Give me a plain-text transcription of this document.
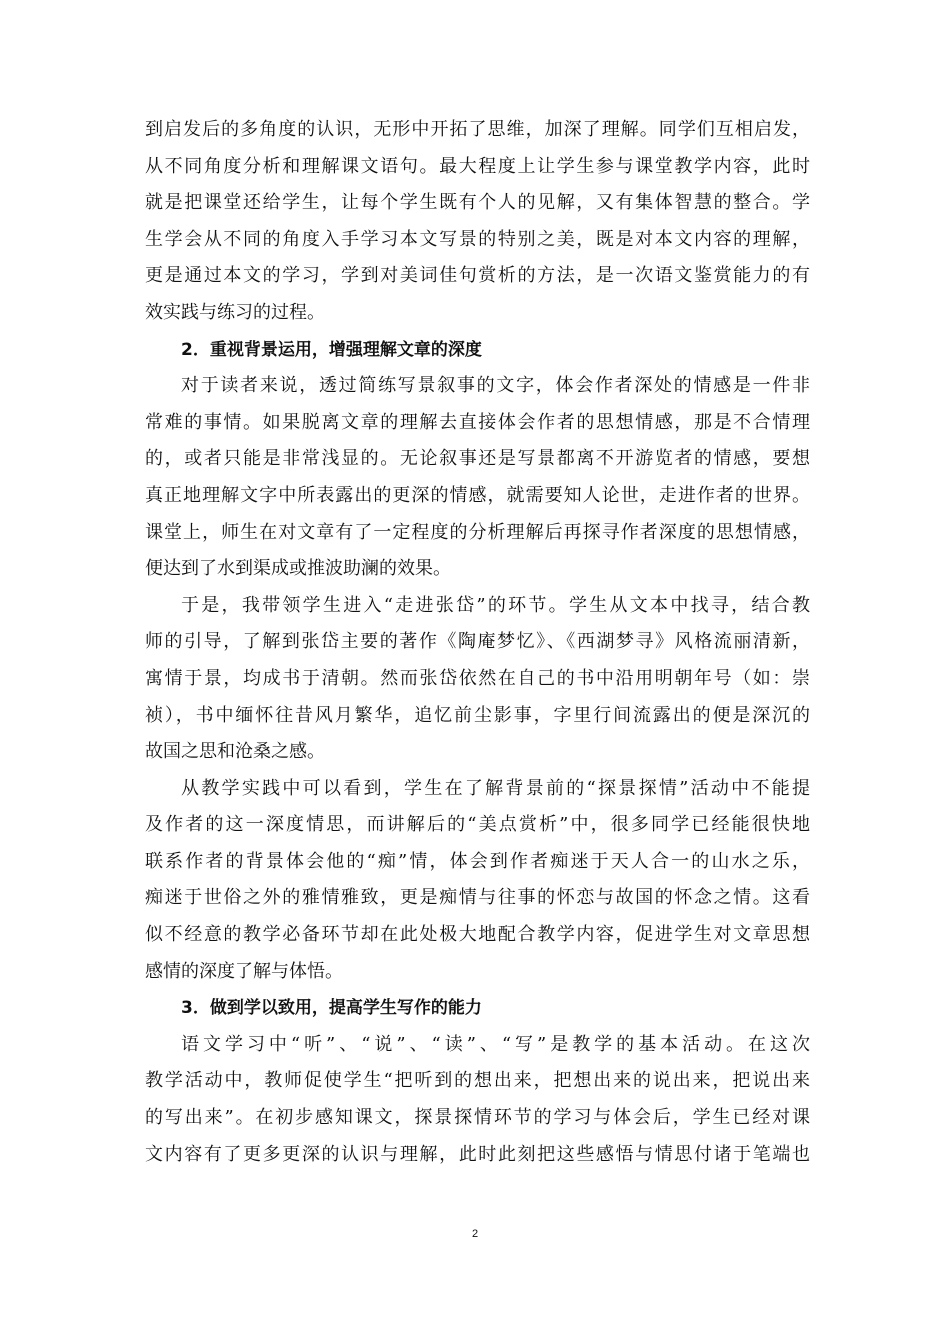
到启发后的多角度的认识，无形中开拓了思维，加深了理解。同学们互相启发，
从不同角度分析和理解课文语句。最大程度上让学生参与课堂教学内容，此时
就是把课堂还给学生，让每个学生既有个人的见解，又有集体智慧的整合。学
生学会从不同的角度入手学习本文写景的特别之美，既是对本文内容的理解，
更是通过本文的学习，学到对美词佳句赏析的方法，是一次语文鉴赏能力的有
效实践与练习的过程。
2．重视背景运用，增强理解文章的深度
对于读者来说，透过简练写景叙事的文字，体会作者深处的情感是一件非
常难的事情。如果脱离文章的理解去直接体会作者的思想情感，那是不合情理
的，或者只能是非常浅显的。无论叙事还是写景都离不开游览者的情感，要想
真正地理解文字中所表露出的更深的情感，就需要知人论世，走进作者的世界。
课堂上，师生在对文章有了一定程度的分析理解后再探寻作者深度的思想情感，
便达到了水到渠成或推波助澜的效果。
于是，我带领学生进入“走进张岱”的环节。学生从文本中找寻，结合教
师的引导，了解到张岱主要的著作《陶庵梦忆》、《西湖梦寻》风格流丽清新，
寓情于景，均成书于清朝。然而张岱依然在自己的书中沿用明朝年号（如：崇
祯），书中缅怀往昔风月繁华，追忆前尘影事，字里行间流露出的便是深沉的
故国之思和沧桑之感。
从教学实践中可以看到，学生在了解背景前的“探景探情”活动中不能提
及作者的这一深度情思，而讲解后的“美点赏析”中，很多同学已经能很快地
联系作者的背景体会他的“痴”情，体会到作者痴迷于天人合一的山水之乐，
痴迷于世俗之外的雅情雅致，更是痴情与往事的怀恋与故国的怀念之情。这看
似不经意的教学必备环节却在此处极大地配合教学内容，促进学生对文章思想
感情的深度了解与体悟。
3．做到学以致用，提高学生写作的能力
语文学习中“听”、“说”、“读”、“写”是教学的基本活动。在这次
教学活动中，教师促使学生“把听到的想出来，把想出来的说出来，把说出来
的写出来”。在初步感知课文，探景探情环节的学习与体会后，学生已经对课
文内容有了更多更深的认识与理解，此时此刻把这些感悟与情思付诸于笔端也
2
